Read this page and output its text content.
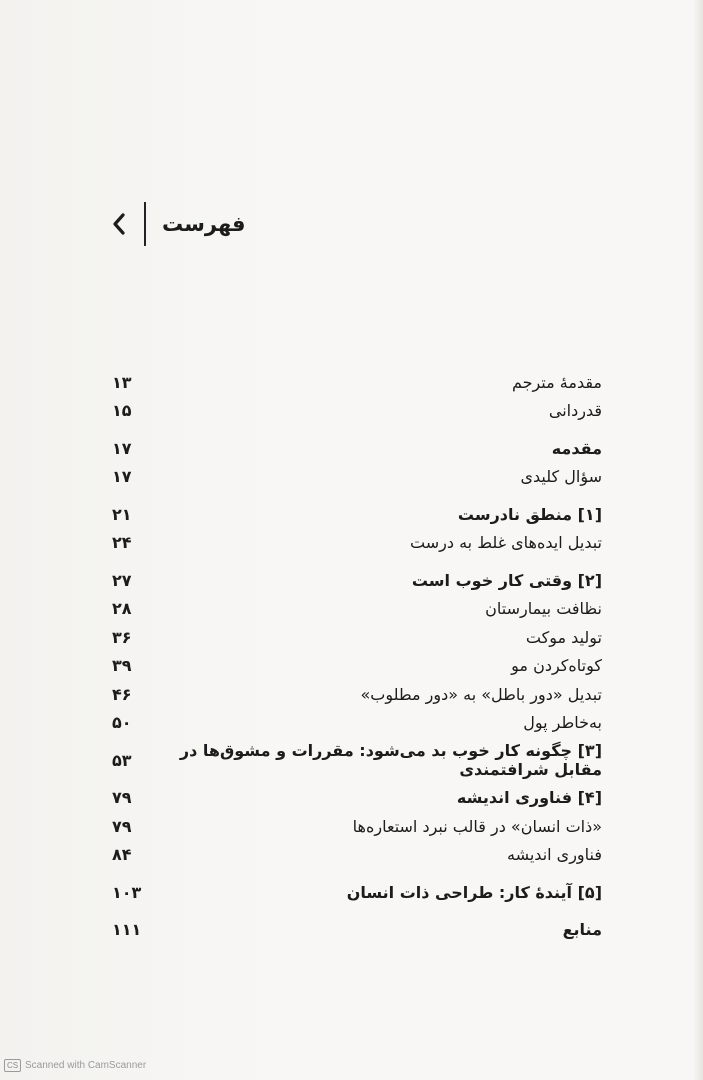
فهرست
۱۳	مقدمهٔ مترجم
۱۵	قدردانی
۱۷	مقدمه
۱۷	سؤال کلیدی
۲۱	[۱] منطق نادرست
۲۴	تبدیل ایده‌های غلط به درست
۲۷	[۲] وقتی کار خوب است
۲۸	نظافت بیمارستان
۳۶	تولید موکت
۳۹	کوتاه‌کردن مو
۴۶	تبدیل «دور باطل» به «دور مطلوب»
۵۰	به‌خاطر پول
۵۳	[۳] چگونه کار خوب بد می‌شود: مقررات و مشوق‌ها در مقابل شرافتمندی
۷۹	[۴] فناوری اندیشه
۷۹	«ذات انسان» در قالب نبرد استعاره‌ها
۸۴	فناوری اندیشه
۱۰۳	[۵] آیندهٔ کار: طراحی ذات انسان
۱۱۱	منابع
CS Scanned with CamScanner
